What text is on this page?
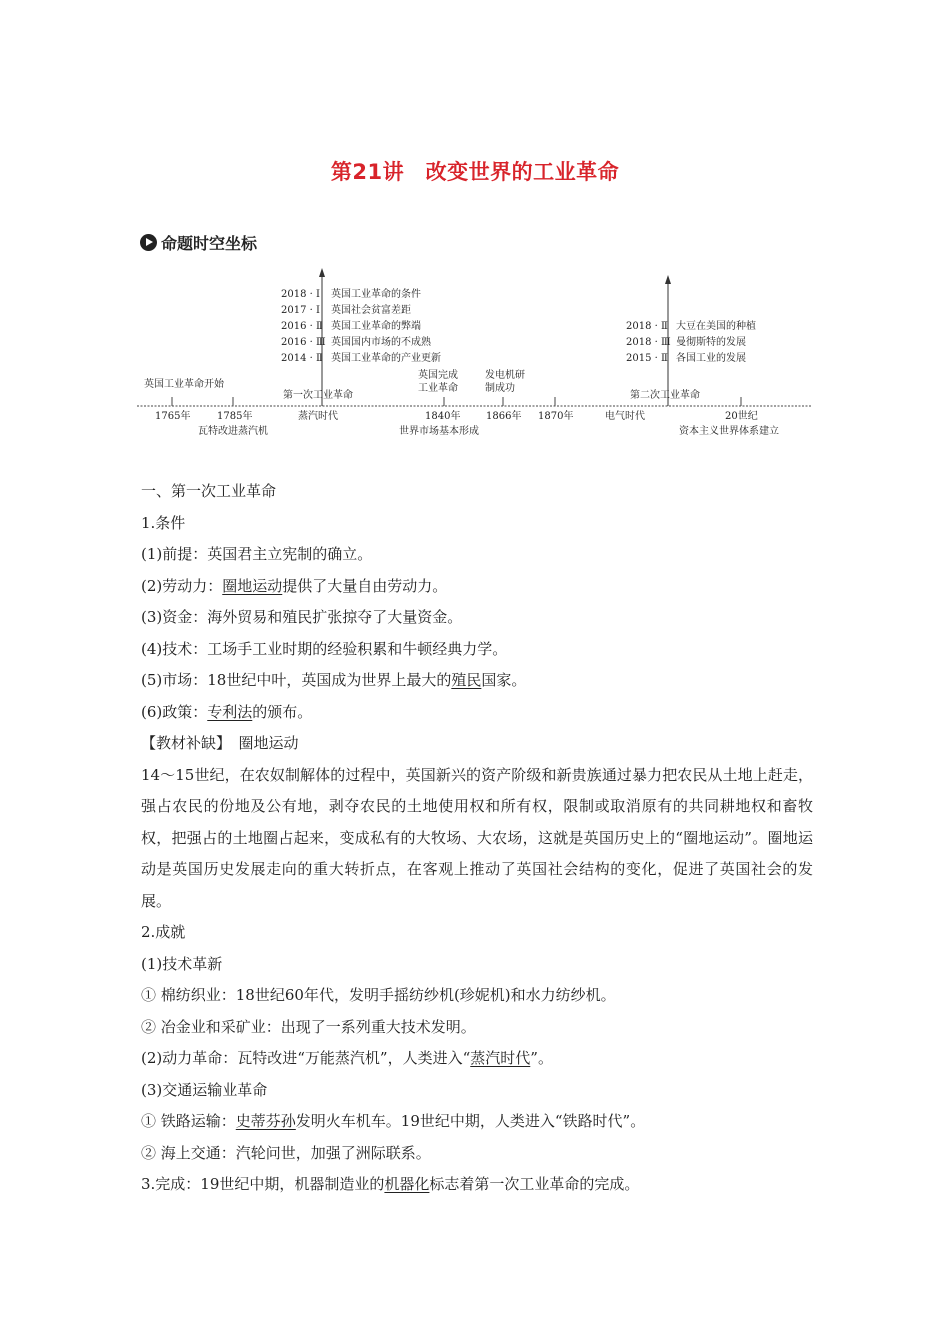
第21讲　改变世界的工业革命
命题时空坐标
2018 · Ⅰ 英国工业革命的条件
2017 · Ⅰ 英国社会贫富差距
2016 · Ⅱ 英国工业革命的弊端
2016 · Ⅲ 英国国内市场的不成熟
2014 · Ⅱ 英国工业革命的产业更新
2018 · Ⅱ 大豆在美国的种植
2018 · Ⅲ 曼彻斯特的发展
2015 · Ⅱ 各国工业的发展
英国工业革命开始
第一次工业革命
英国完成
工业革命
发电机研
制成功
第二次工业革命
1765年	1785年
瓦特改进蒸汽机
蒸汽时代	1840年
世界市场基本形成
1866年 1870年	电气时代	20世纪
资本主义世界体系建立

一、第一次工业革命

1.条件

(1)前提：英国君主立宪制的确立。

(2)劳动力：圈地运动提供了大量自由劳动力。

(3)资金：海外贸易和殖民扩张掠夺了大量资金。

(4)技术：工场手工业时期的经验积累和牛顿经典力学。

(5)市场：18世纪中叶，英国成为世界上最大的殖民国家。

(6)政策：专利法的颁布。

【教材补缺】　圈地运动

14～15世纪，在农奴制解体的过程中，英国新兴的资产阶级和新贵族通过暴力把农民从土地上赶走，强占农民的份地及公有地，剥夺农民的土地使用权和所有权，限制或取消原有的共同耕地权和畜牧权，把强占的土地圈占起来，变成私有的大牧场、大农场，这就是英国历史上的“圈地运动”。圈地运动是英国历史发展走向的重大转折点，在客观上推动了英国社会结构的变化，促进了英国社会的发展。

2.成就

(1)技术革新

① 棉纺织业：18世纪60年代，发明手摇纺纱机(珍妮机)和水力纺纱机。

② 冶金业和采矿业：出现了一系列重大技术发明。

(2)动力革命：瓦特改进“万能蒸汽机”，人类进入“蒸汽时代”。

(3)交通运输业革命

① 铁路运输：史蒂芬孙发明火车机车。19世纪中期，人类进入“铁路时代”。

② 海上交通：汽轮问世，加强了洲际联系。

3.完成：19世纪中期，机器制造业的机器化标志着第一次工业革命的完成。
